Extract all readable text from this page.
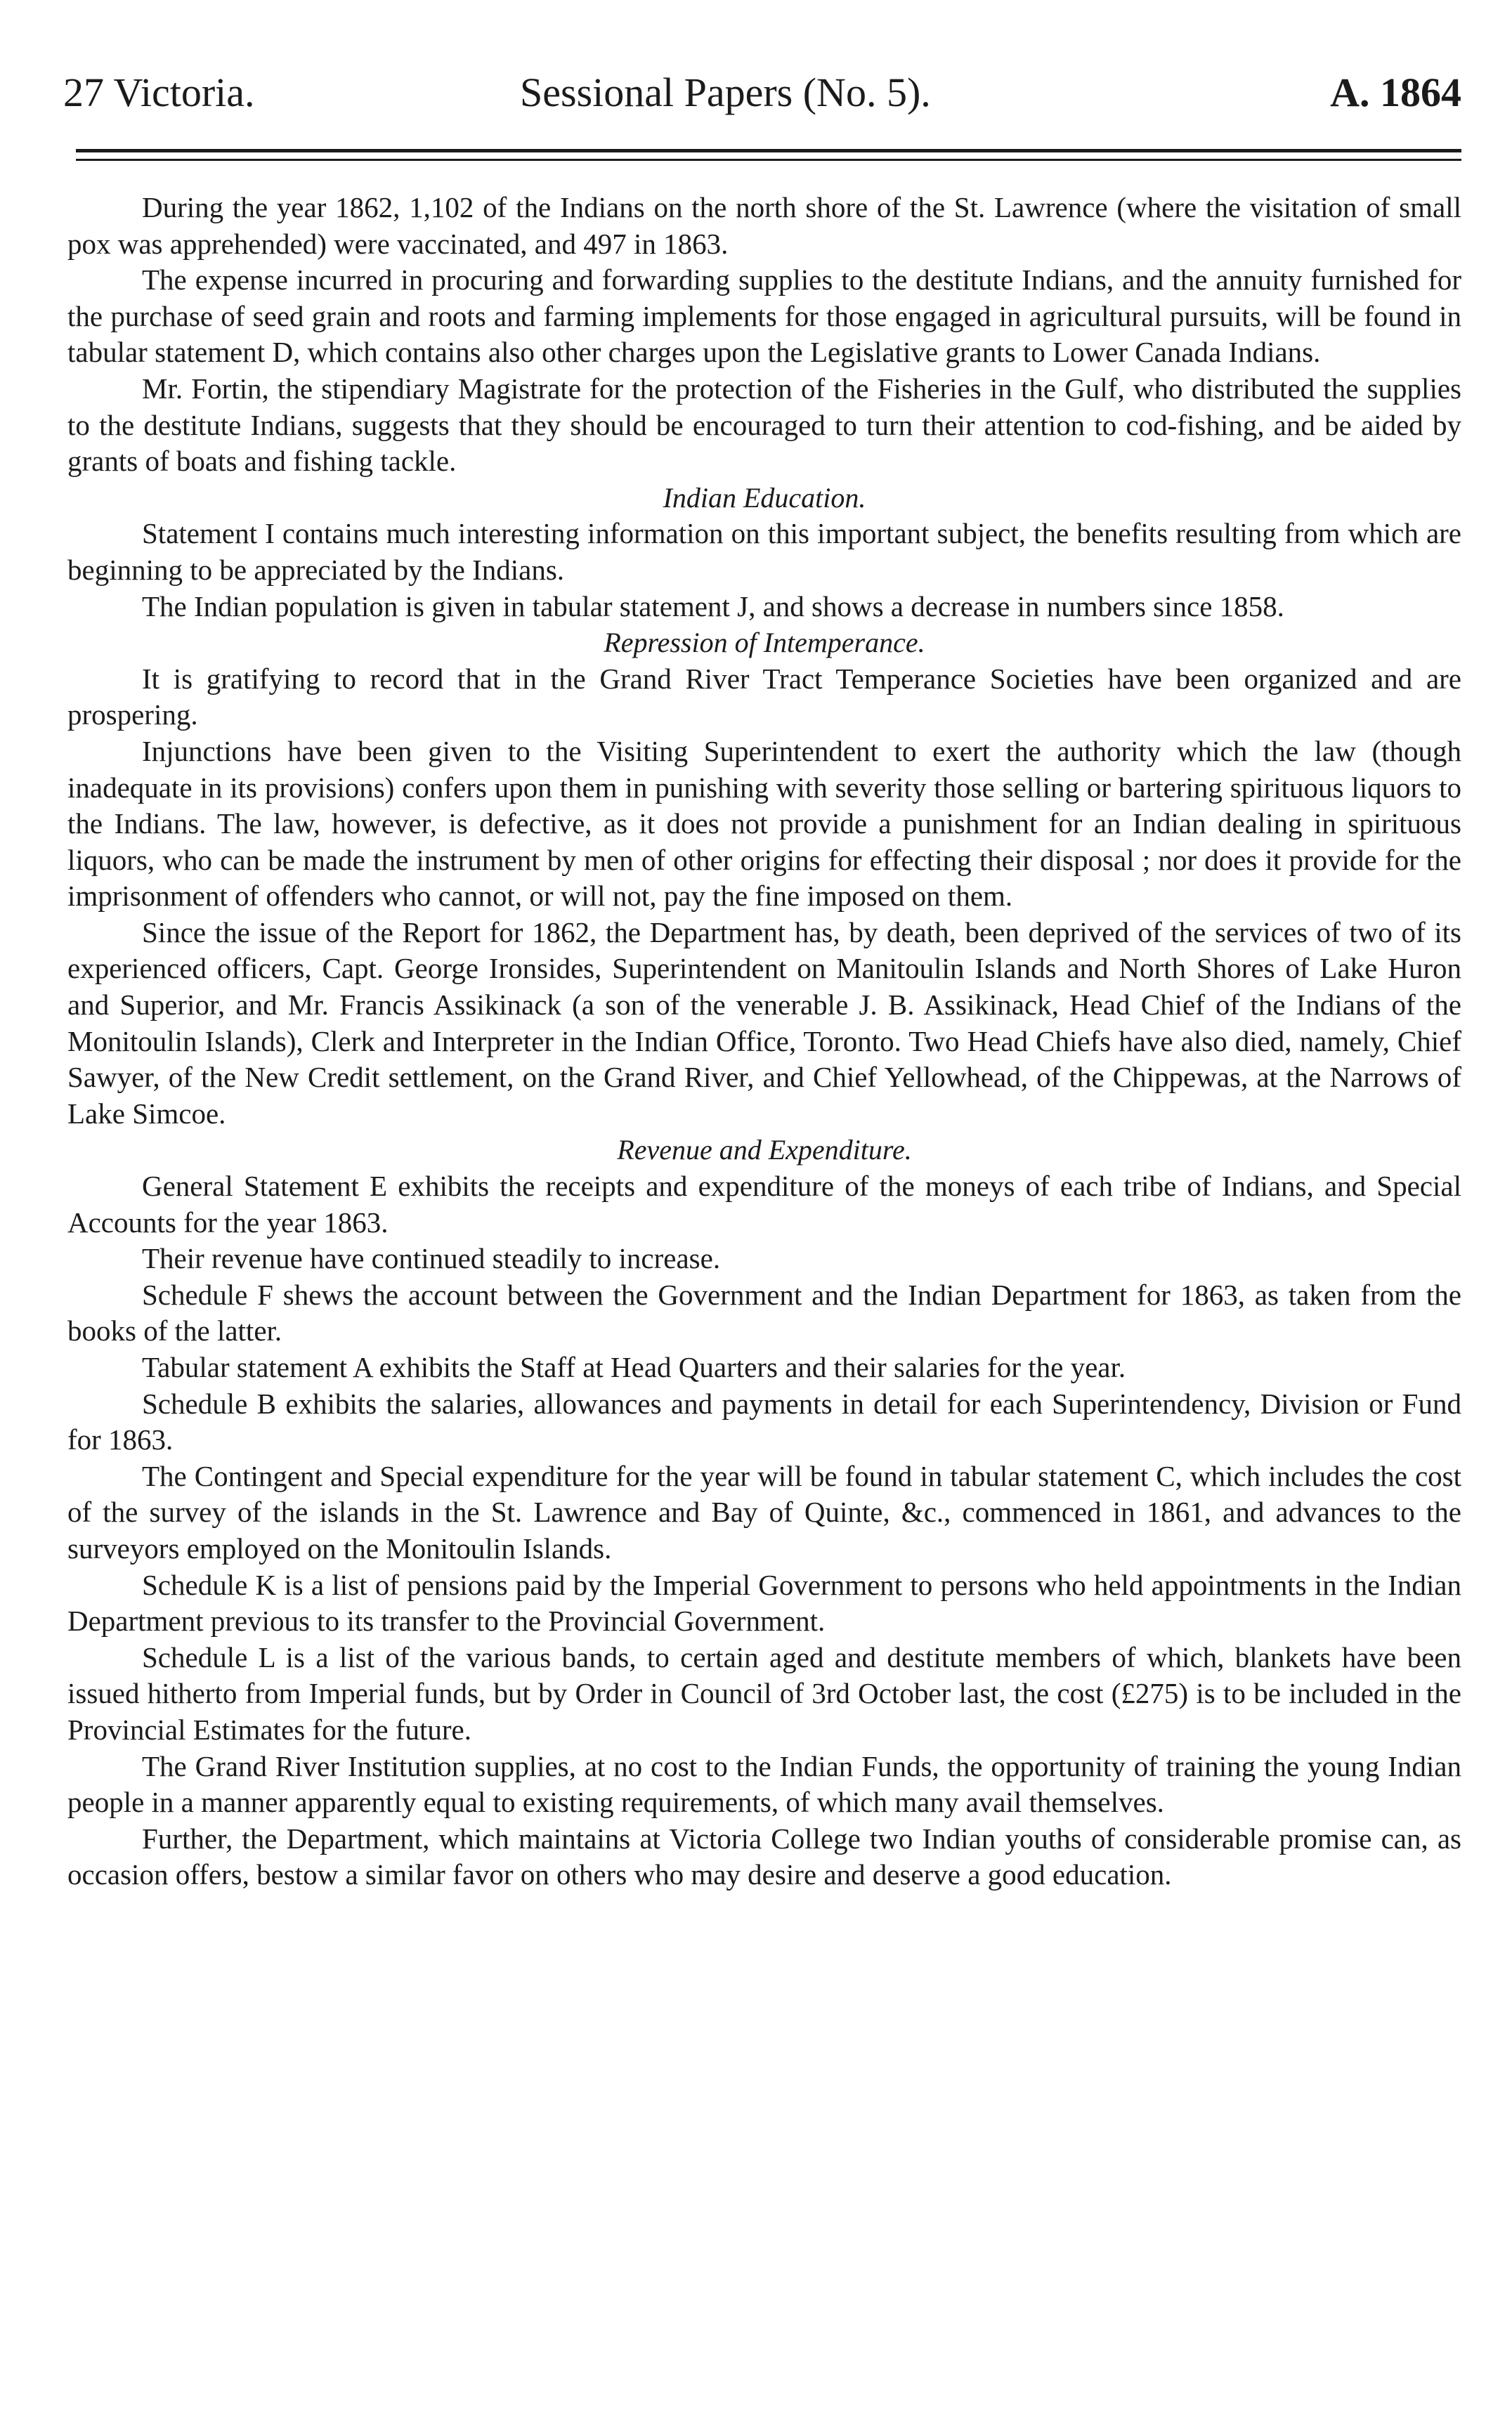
27 Victoria.	Sessional Papers (No. 5).	A. 1864

During the year 1862, 1,102 of the Indians on the north shore of the St. Lawrence (where the visitation of small pox was apprehended) were vaccinated, and 497 in 1863.

The expense incurred in procuring and forwarding supplies to the destitute Indians, and the annuity furnished for the purchase of seed grain and roots and farming implements for those engaged in agricultural pursuits, will be found in tabular statement D, which contains also other charges upon the Legislative grants to Lower Canada Indians.

Mr. Fortin, the stipendiary Magistrate for the protection of the Fisheries in the Gulf, who distributed the supplies to the destitute Indians, suggests that they should be encouraged to turn their attention to cod-fishing, and be aided by grants of boats and fishing tackle.

Indian Education.

Statement I contains much interesting information on this important subject, the benefits resulting from which are beginning to be appreciated by the Indians.

The Indian population is given in tabular statement J, and shows a decrease in numbers since 1858.

Repression of Intemperance.

It is gratifying to record that in the Grand River Tract Temperance Societies have been organized and are prospering.

Injunctions have been given to the Visiting Superintendent to exert the authority which the law (though inadequate in its provisions) confers upon them in punishing with severity those selling or bartering spirituous liquors to the Indians. The law, however, is defective, as it does not provide a punishment for an Indian dealing in spirituous liquors, who can be made the instrument by men of other origins for effecting their disposal ; nor does it provide for the imprisonment of offenders who cannot, or will not, pay the fine imposed on them.

Since the issue of the Report for 1862, the Department has, by death, been deprived of the services of two of its experienced officers, Capt. George Ironsides, Superintendent on Manitoulin Islands and North Shores of Lake Huron and Superior, and Mr. Francis Assikinack (a son of the venerable J. B. Assikinack, Head Chief of the Indians of the Monitoulin Islands), Clerk and Interpreter in the Indian Office, Toronto. Two Head Chiefs have also died, namely, Chief Sawyer, of the New Credit settlement, on the Grand River, and Chief Yellowhead, of the Chippewas, at the Narrows of Lake Simcoe.

Revenue and Expenditure.

General Statement E exhibits the receipts and expenditure of the moneys of each tribe of Indians, and Special Accounts for the year 1863.

Their revenue have continued steadily to increase.

Schedule F shews the account between the Government and the Indian Department for 1863, as taken from the books of the latter.

Tabular statement A exhibits the Staff at Head Quarters and their salaries for the year.

Schedule B exhibits the salaries, allowances and payments in detail for each Superintendency, Division or Fund for 1863.

The Contingent and Special expenditure for the year will be found in tabular statement C, which includes the cost of the survey of the islands in the St. Lawrence and Bay of Quinte, &c., commenced in 1861, and advances to the surveyors employed on the Monitoulin Islands.

Schedule K is a list of pensions paid by the Imperial Government to persons who held appointments in the Indian Department previous to its transfer to the Provincial Government.

Schedule L is a list of the various bands, to certain aged and destitute members of which, blankets have been issued hitherto from Imperial funds, but by Order in Council of 3rd October last, the cost (£275) is to be included in the Provincial Estimates for the future.

The Grand River Institution supplies, at no cost to the Indian Funds, the opportunity of training the young Indian people in a manner apparently equal to existing requirements, of which many avail themselves.

Further, the Department, which maintains at Victoria College two Indian youths of considerable promise can, as occasion offers, bestow a similar favor on others who may desire and deserve a good education.
